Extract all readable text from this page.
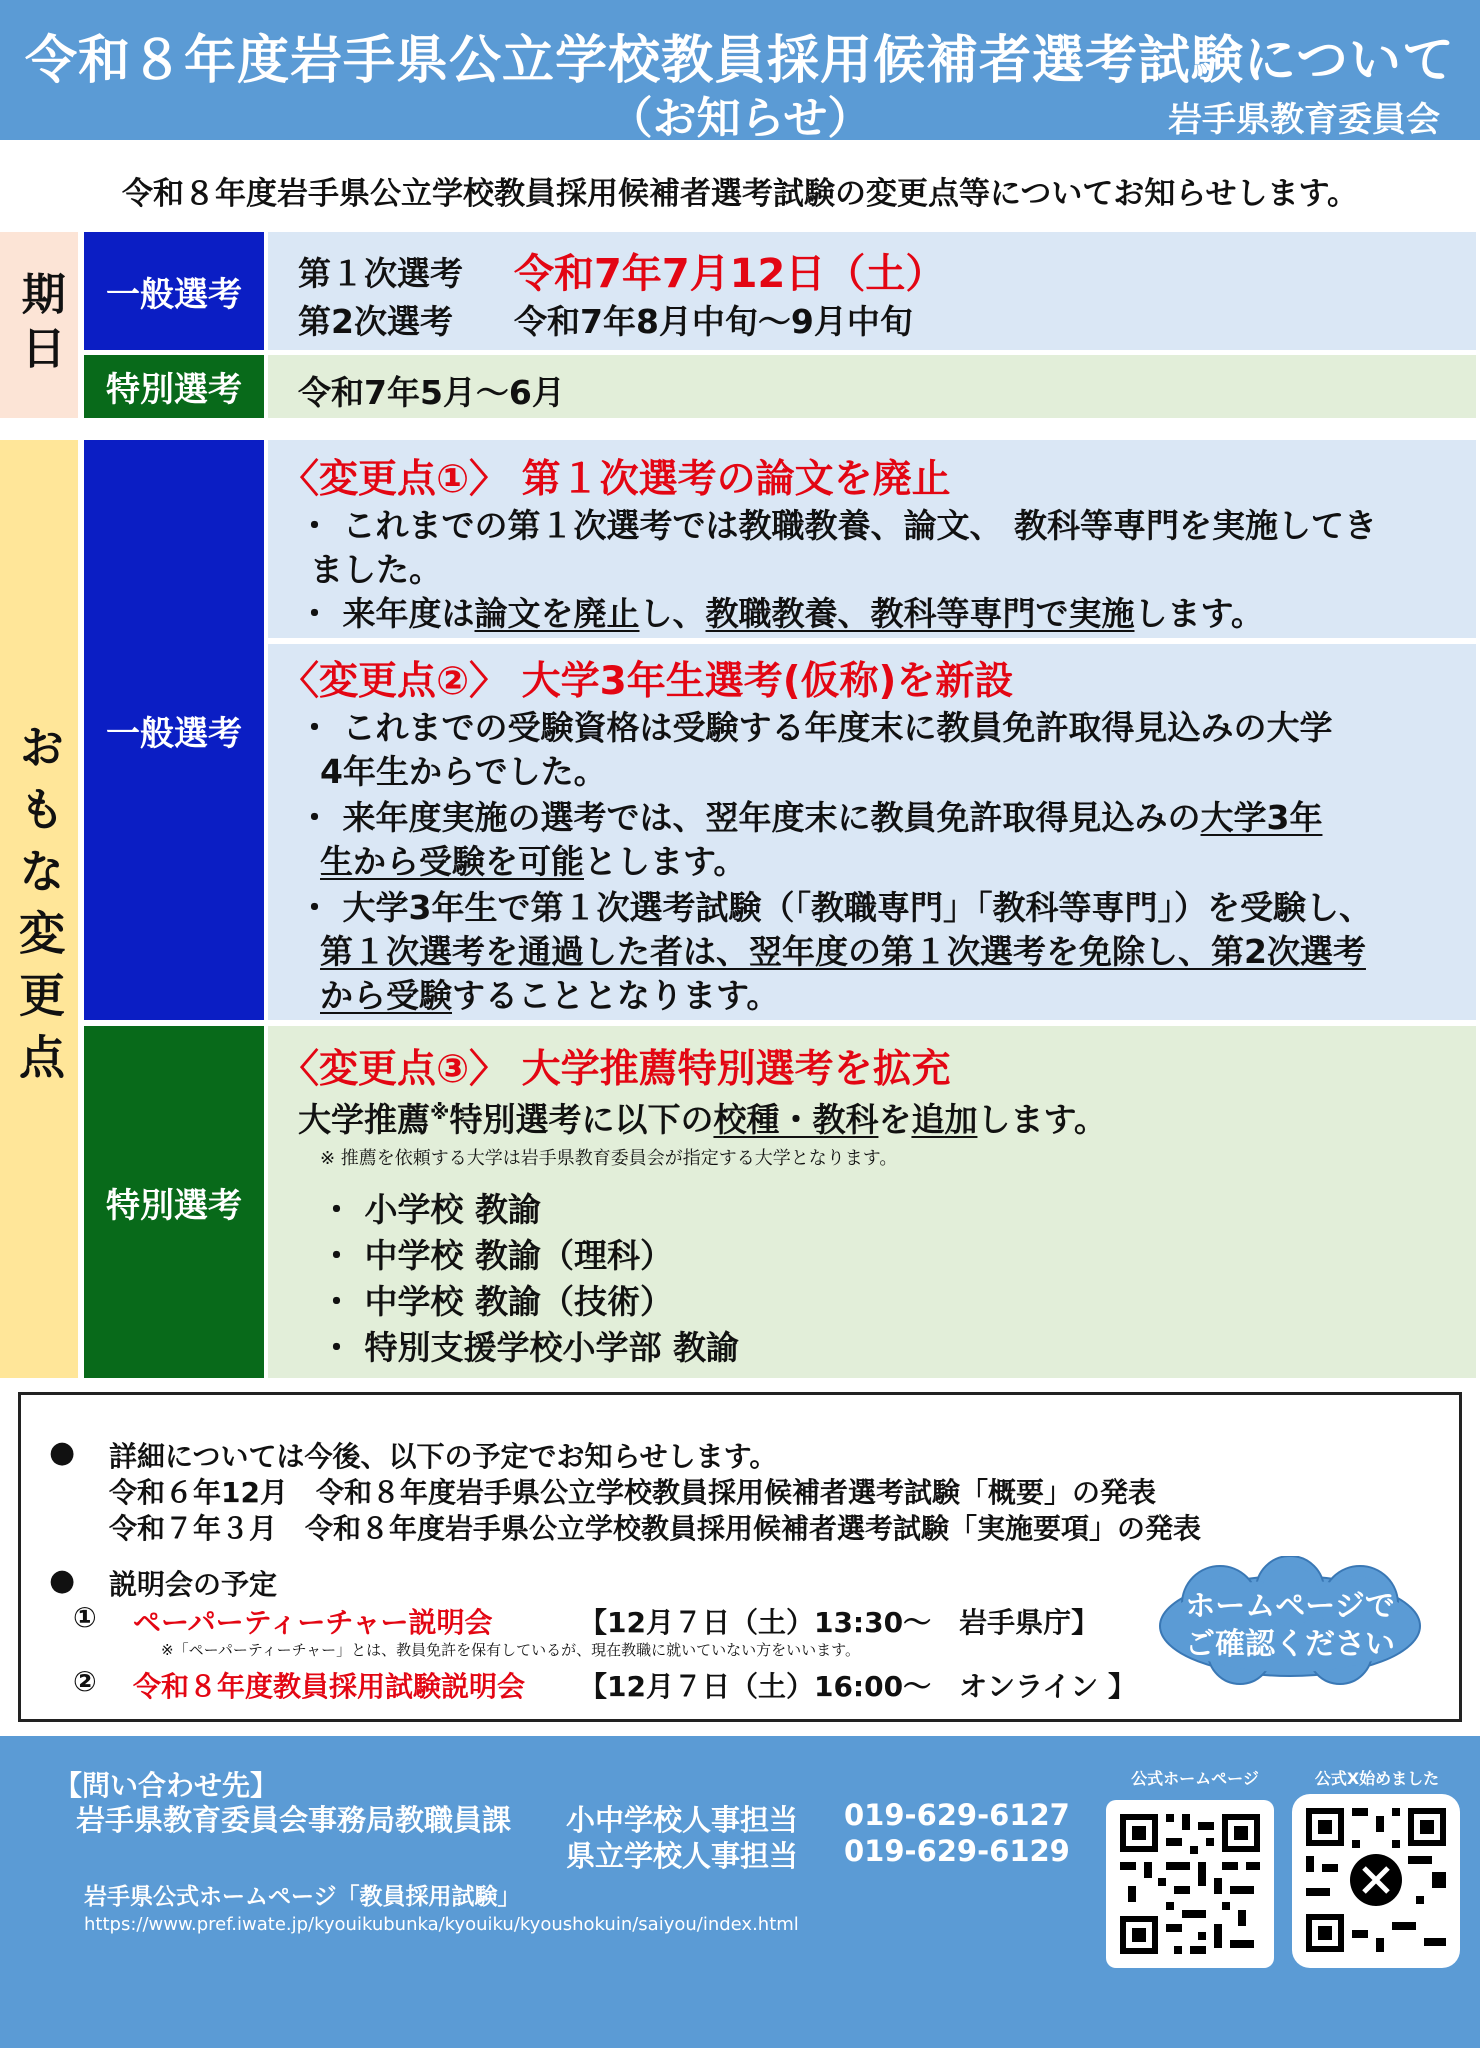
令和８年度岩手県公立学校教員採用候補者選考試験について
（お知らせ）	岩手県教育委員会
令和８年度岩手県公立学校教員採用候補者選考試験の変更点等についてお知らせします。
期日 一般選考
第１次選考 令和7年7月12日（土）
第2次選考 令和7年8月中旬～9月中旬
特別選考 令和7年5月～6月
おもな変更点 一般選考
〈変更点①〉 第１次選考の論文を廃止
・ これまでの第１次選考では教職教養、論文、 教科等専門を実施してき
ました。
・ 来年度は論文を廃止し、教職教養、教科等専門で実施します。
〈変更点②〉 大学3年生選考(仮称)を新設
・ これまでの受験資格は受験する年度末に教員免許取得見込みの大学
4年生からでした。
・ 来年度実施の選考では、翌年度末に教員免許取得見込みの大学3年
生から受験を可能とします。
・ 大学3年生で第１次選考試験（「教職専門」「教科等専門」）を受験し、
第１次選考を通過した者は、翌年度の第１次選考を免除し、第2次選考
から受験することとなります。
特別選考
〈変更点③〉 大学推薦特別選考を拡充
大学推薦※特別選考に以下の校種・教科を追加します。
※ 推薦を依頼する大学は岩手県教育委員会が指定する大学となります。
・ 小学校 教諭
・ 中学校 教諭（理科）
・ 中学校 教諭（技術）
・ 特別支援学校小学部 教諭
● 詳細については今後、以下の予定でお知らせします。
令和６年12月　令和８年度岩手県公立学校教員採用候補者選考試験「概要」の発表
令和７年３月　令和８年度岩手県公立学校教員採用候補者選考試験「実施要項」の発表
● 説明会の予定
① ペーパーティーチャー説明会	【12月７日（土）13:30～　岩手県庁】
※「ペーパーティーチャー」とは、教員免許を保有しているが、現在教職に就いていない方をいいます。
② 令和８年度教員採用試験説明会 【12月７日（土）16:00～　オンライン 】
ホームページで
ご確認ください
【問い合わせ先】
岩手県教育委員会事務局教職員課 小中学校人事担当 019-629-6127
県立学校人事担当 019-629-6129
岩手県公式ホームページ「教員採用試験」
https://www.pref.iwate.jp/kyouikubunka/kyouiku/kyoushokuin/saiyou/index.html
公式ホームページ	公式X始めました
